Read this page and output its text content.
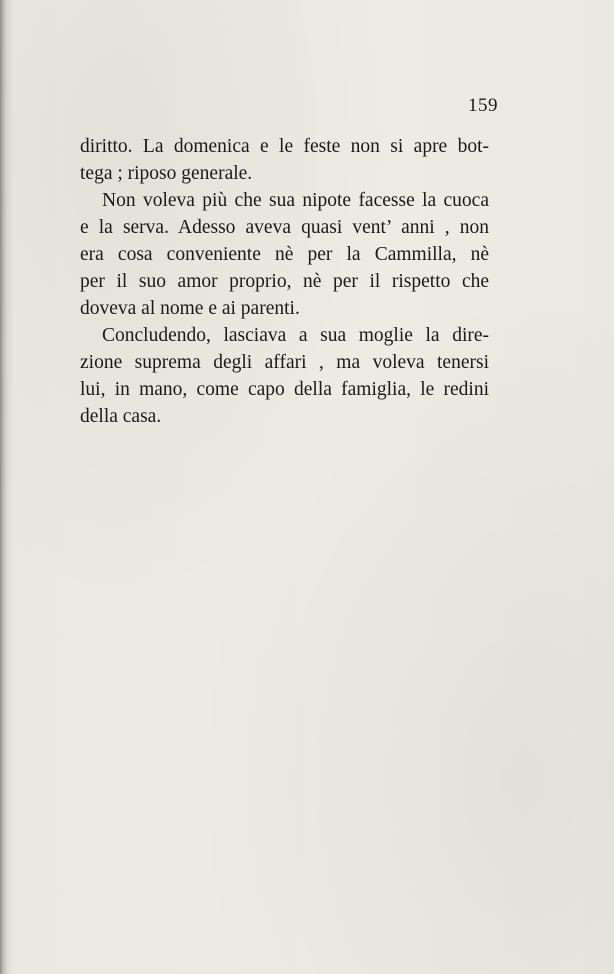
159
diritto. La domenica e le feste non si apre bot-
tega ; riposo generale.
Non voleva più che sua nipote facesse la cuoca
e la serva. Adesso aveva quasi vent’ anni , non
era cosa conveniente nè per la Cammilla, nè
per il suo amor proprio, nè per il rispetto che
doveva al nome e ai parenti.
Concludendo, lasciava a sua moglie la dire-
zione suprema degli affari , ma voleva tenersi
lui, in mano, come capo della famiglia, le redini
della casa.
